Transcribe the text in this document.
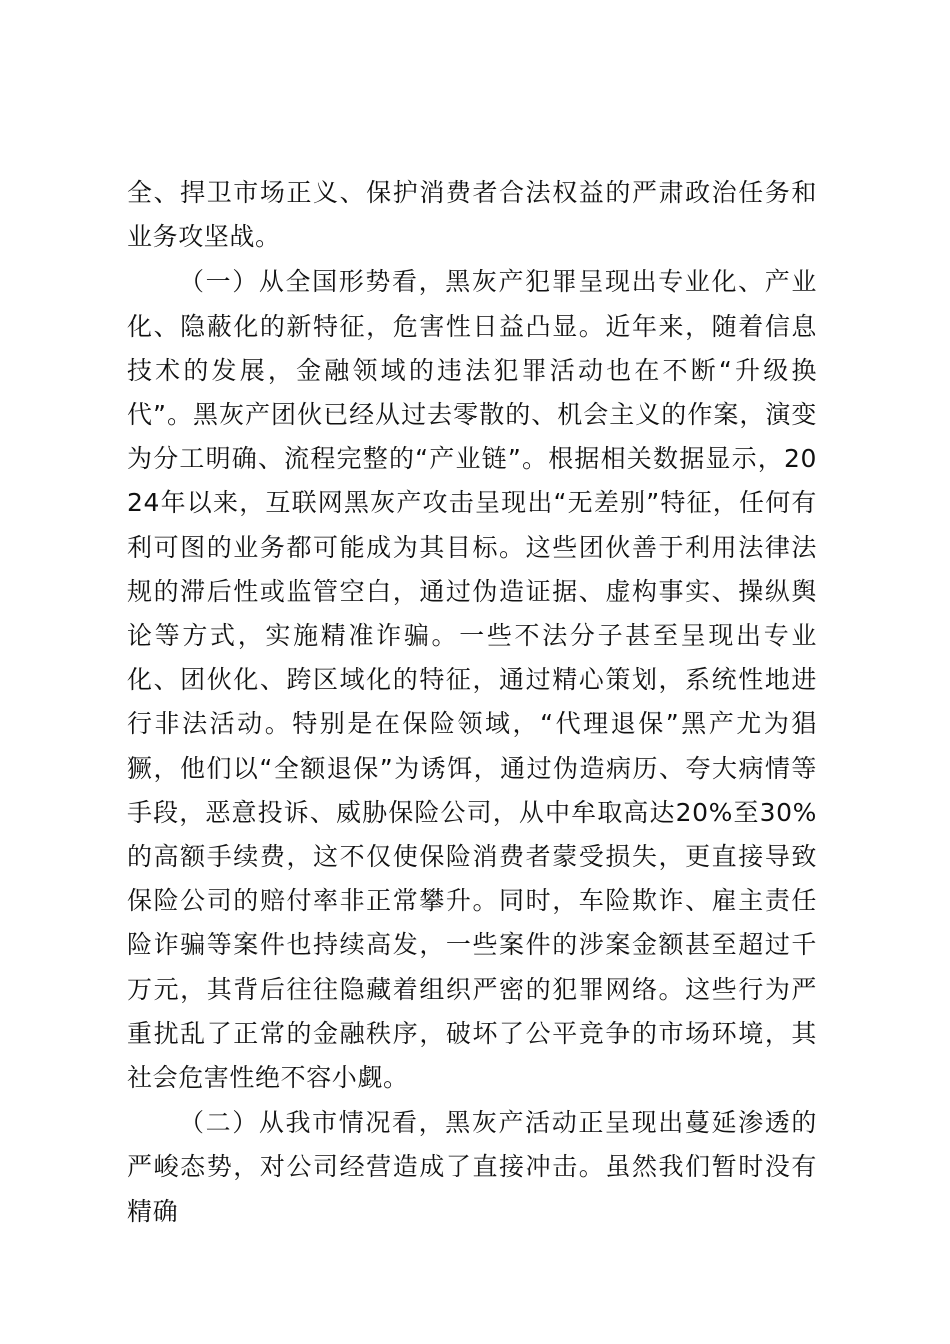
全、捍卫市场正义、保护消费者合法权益的严肃政治任务和业务攻坚战。

（一）从全国形势看，黑灰产犯罪呈现出专业化、产业化、隐蔽化的新特征，危害性日益凸显。近年来，随着信息技术的发展，金融领域的违法犯罪活动也在不断“升级换代”。黑灰产团伙已经从过去零散的、机会主义的作案，演变为分工明确、流程完整的“产业链”。根据相关数据显示，2024年以来，互联网黑灰产攻击呈现出“无差别”特征，任何有利可图的业务都可能成为其目标。这些团伙善于利用法律法规的滞后性或监管空白，通过伪造证据、虚构事实、操纵舆论等方式，实施精准诈骗。一些不法分子甚至呈现出专业化、团伙化、跨区域化的特征，通过精心策划，系统性地进行非法活动。特别是在保险领域，“代理退保”黑产尤为猖獗，他们以“全额退保”为诱饵，通过伪造病历、夸大病情等手段，恶意投诉、威胁保险公司，从中牟取高达20%至30%的高额手续费，这不仅使保险消费者蒙受损失，更直接导致保险公司的赔付率非正常攀升。同时，车险欺诈、雇主责任险诈骗等案件也持续高发，一些案件的涉案金额甚至超过千万元，其背后往往隐藏着组织严密的犯罪网络。这些行为严重扰乱了正常的金融秩序，破坏了公平竞争的市场环境，其社会危害性绝不容小觑。

（二）从我市情况看，黑灰产活动正呈现出蔓延渗透的严峻态势，对公司经营造成了直接冲击。虽然我们暂时没有精确
